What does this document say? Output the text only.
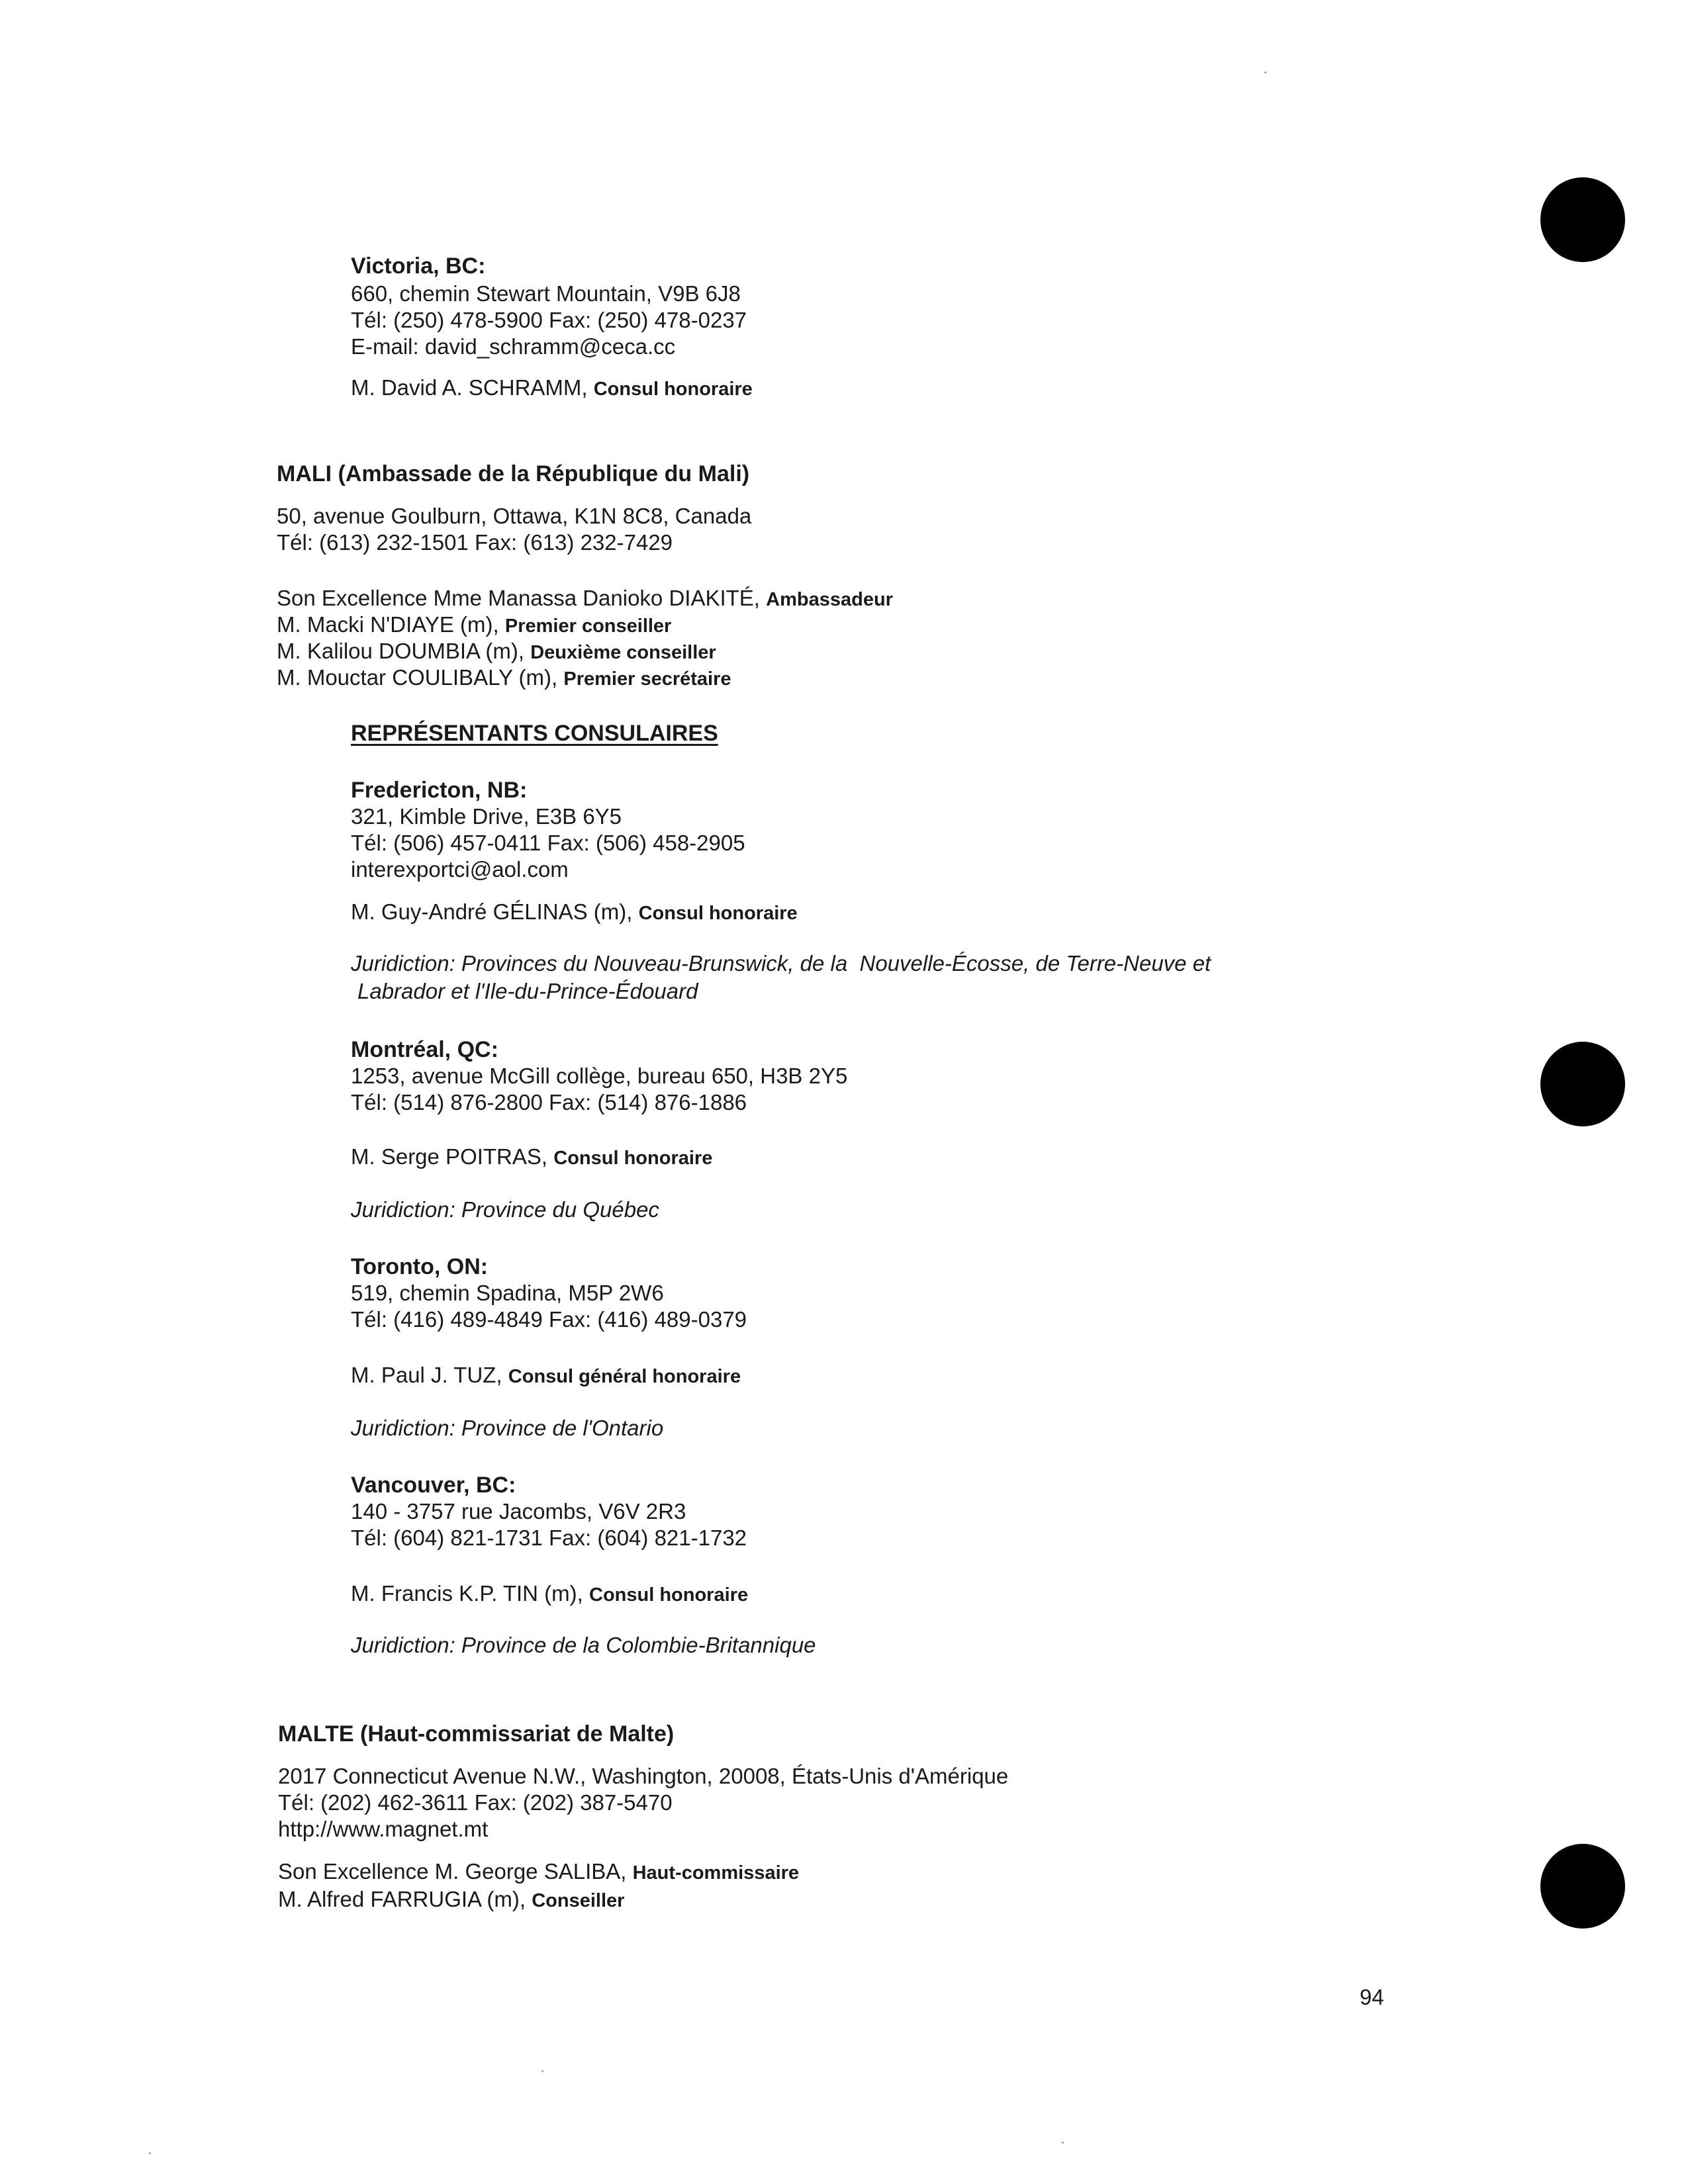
Victoria, BC:
660, chemin Stewart Mountain, V9B 6J8
Tél: (250) 478-5900 Fax: (250) 478-0237
E-mail: david_schramm@ceca.cc
M. David A. SCHRAMM, Consul honoraire
MALI (Ambassade de la République du Mali)
50, avenue Goulburn, Ottawa, K1N 8C8, Canada
Tél: (613) 232-1501 Fax: (613) 232-7429
Son Excellence Mme Manassa Danioko DIAKITÉ, Ambassadeur
M. Macki N'DIAYE (m), Premier conseiller
M. Kalilou DOUMBIA (m), Deuxième conseiller
M. Mouctar COULIBALY (m), Premier secrétaire
REPRÉSENTANTS CONSULAIRES
Fredericton, NB:
321, Kimble Drive, E3B 6Y5
Tél: (506) 457-0411 Fax: (506) 458-2905
interexportci@aol.com
M. Guy-André GÉLINAS (m), Consul honoraire
Juridiction: Provinces du Nouveau-Brunswick, de la  Nouvelle-Écosse, de Terre-Neuve et
Labrador et l'Ile-du-Prince-Édouard
Montréal, QC:
1253, avenue McGill collège, bureau 650, H3B 2Y5
Tél: (514) 876-2800 Fax: (514) 876-1886
M. Serge POITRAS, Consul honoraire
Juridiction: Province du Québec
Toronto, ON:
519, chemin Spadina, M5P 2W6
Tél: (416) 489-4849 Fax: (416) 489-0379
M. Paul J. TUZ, Consul général honoraire
Juridiction: Province de l'Ontario
Vancouver, BC:
140 - 3757 rue Jacombs, V6V 2R3
Tél: (604) 821-1731 Fax: (604) 821-1732
M. Francis K.P. TIN (m), Consul honoraire
Juridiction: Province de la Colombie-Britannique
MALTE (Haut-commissariat de Malte)
2017 Connecticut Avenue N.W., Washington, 20008, États-Unis d'Amérique
Tél: (202) 462-3611 Fax: (202) 387-5470
http://www.magnet.mt
Son Excellence M. George SALIBA, Haut-commissaire
M. Alfred FARRUGIA (m), Conseiller
94
